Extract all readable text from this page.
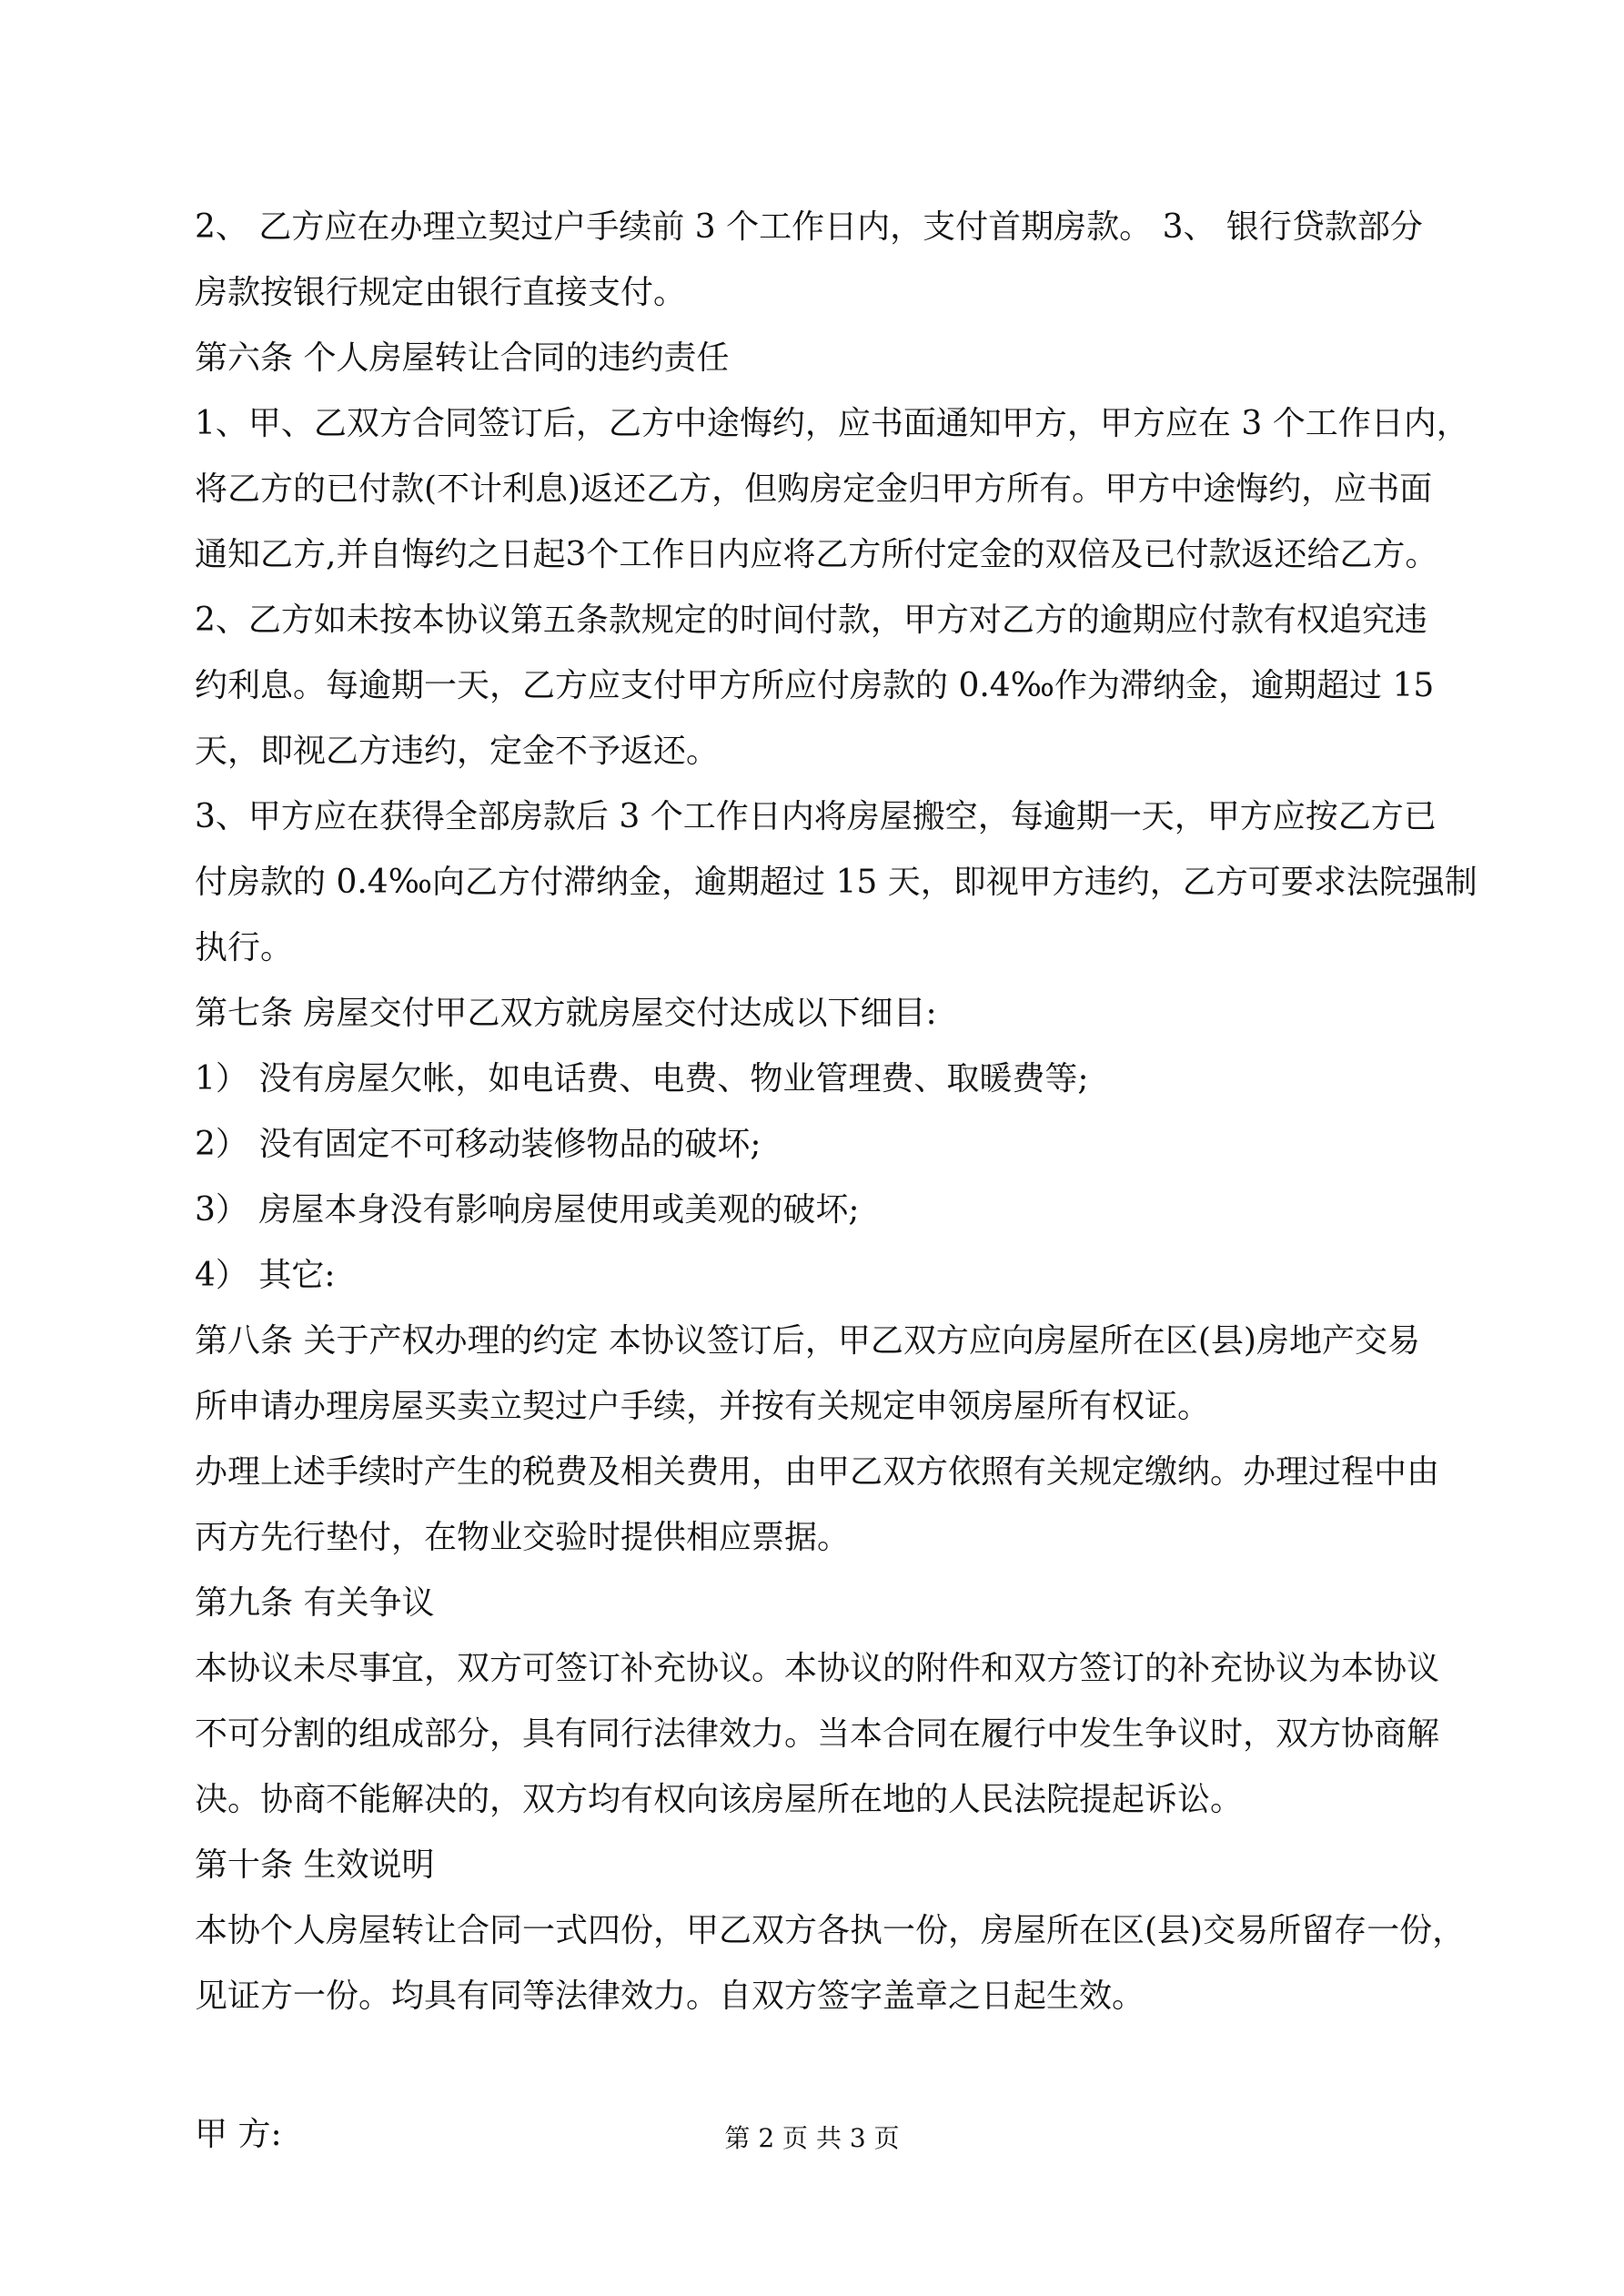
2、 乙方应在办理立契过户手续前 3 个工作日内，支付首期房款。 3、 银行贷款部分
房款按银行规定由银行直接支付。
第六条 个人房屋转让合同的违约责任
1、甲、乙双方合同签订后，乙方中途悔约，应书面通知甲方，甲方应在 3 个工作日内，
将乙方的已付款(不计利息)返还乙方，但购房定金归甲方所有。甲方中途悔约，应书面
通知乙方,并自悔约之日起3个工作日内应将乙方所付定金的双倍及已付款返还给乙方。
2、乙方如未按本协议第五条款规定的时间付款，甲方对乙方的逾期应付款有权追究违
约利息。每逾期一天，乙方应支付甲方所应付房款的 0.4‰作为滞纳金，逾期超过 15
天，即视乙方违约，定金不予返还。
3、甲方应在获得全部房款后 3 个工作日内将房屋搬空，每逾期一天，甲方应按乙方已
付房款的 0.4‰向乙方付滞纳金，逾期超过 15 天，即视甲方违约，乙方可要求法院强制
执行。
第七条 房屋交付甲乙双方就房屋交付达成以下细目:
1） 没有房屋欠帐，如电话费、电费、物业管理费、取暖费等;
2） 没有固定不可移动装修物品的破坏;
3） 房屋本身没有影响房屋使用或美观的破坏;
4） 其它:
第八条 关于产权办理的约定 本协议签订后，甲乙双方应向房屋所在区(县)房地产交易
所申请办理房屋买卖立契过户手续，并按有关规定申领房屋所有权证。
办理上述手续时产生的税费及相关费用，由甲乙双方依照有关规定缴纳。办理过程中由
丙方先行垫付，在物业交验时提供相应票据。
第九条 有关争议
本协议未尽事宜，双方可签订补充协议。本协议的附件和双方签订的补充协议为本协议
不可分割的组成部分，具有同行法律效力。当本合同在履行中发生争议时，双方协商解
决。协商不能解决的，双方均有权向该房屋所在地的人民法院提起诉讼。
第十条 生效说明
本协个人房屋转让合同一式四份，甲乙双方各执一份，房屋所在区(县)交易所留存一份，
见证方一份。均具有同等法律效力。自双方签字盖章之日起生效。
甲 方:	第 2 页 共 3 页
